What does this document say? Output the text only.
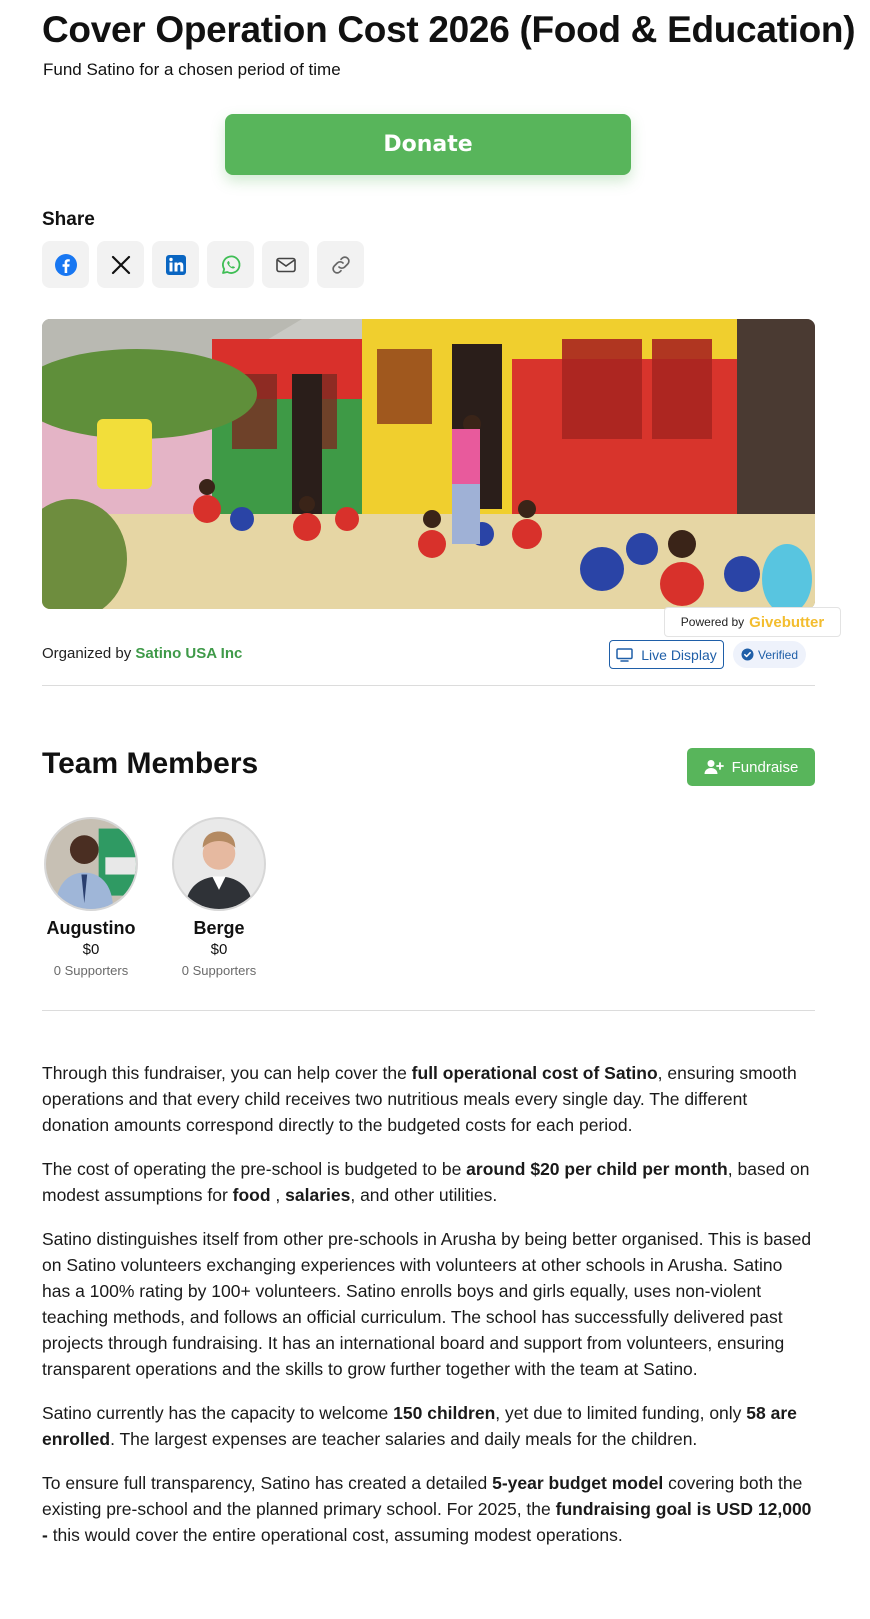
Cover Operation Cost 2026 (Food & Education)
Fund Satino for a chosen period of time
Donate
Share
Powered by Givebutter
Organized by Satino USA Inc	Live Display	Verified
Team Members	Fundraise
Augustino
$0
0 Supporters
Berge
$0
0 Supporters

Through this fundraiser, you can help cover the full operational cost of Satino, ensuring smooth operations and that every child receives two nutritious meals every single day. The different donation amounts correspond directly to the budgeted costs for each period.

The cost of operating the pre-school is budgeted to be around $20 per child per month, based on modest assumptions for food , salaries, and other utilities.

Satino distinguishes itself from other pre-schools in Arusha by being better organised. This is based on Satino volunteers exchanging experiences with volunteers at other schools in Arusha. Satino has a 100% rating by 100+ volunteers. Satino enrolls boys and girls equally, uses non-violent teaching methods, and follows an official curriculum. The school has successfully delivered past projects through fundraising. It has an international board and support from volunteers, ensuring transparent operations and the skills to grow further together with the team at Satino.

Satino currently has the capacity to welcome 150 children, yet due to limited funding, only 58 are enrolled. The largest expenses are teacher salaries and daily meals for the children.

To ensure full transparency, Satino has created a detailed 5-year budget model covering both the existing pre-school and the planned primary school. For 2025, the fundraising goal is USD 12,000 - this would cover the entire operational cost, assuming modest operations.
